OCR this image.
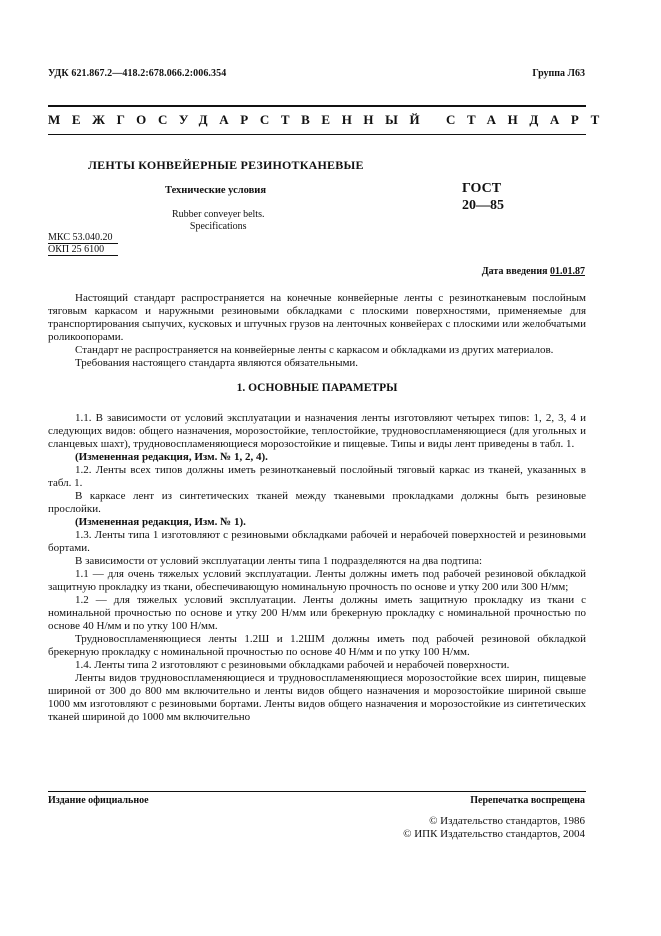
УДК 621.867.2—418.2:678.066.2:006.354	Группа Л63
МЕЖГОСУДАРСТВЕННЫЙ СТАНДАРТ
ЛЕНТЫ КОНВЕЙЕРНЫЕ РЕЗИНОТКАНЕВЫЕ
Технические условия
Rubber conveyer belts.
Specifications
ГОСТ
20—85
МКС 53.040.20
ОКП 25 6100
Дата введения 01.01.87

Настоящий стандарт распространяется на конечные конвейерные ленты с резинотканевым послойным тяговым каркасом и наружными резиновыми обкладками с плоскими поверхностями, применяемые для транспортирования сыпучих, кусковых и штучных грузов на ленточных конвейерах с плоскими или желобчатыми роликоопорами.

Стандарт не распространяется на конвейерные ленты с каркасом и обкладками из других материалов.

Требования настоящего стандарта являются обязательными.

1. ОСНОВНЫЕ ПАРАМЕТРЫ

1.1. В зависимости от условий эксплуатации и назначения ленты изготовляют четырех типов: 1, 2, 3, 4 и следующих видов: общего назначения, морозостойкие, теплостойкие, трудновоспламеняющиеся (для угольных и сланцевых шахт), трудновоспламеняющиеся морозостойкие и пищевые. Типы и виды лент приведены в табл. 1.

(Измененная редакция, Изм. № 1, 2, 4).

1.2. Ленты всех типов должны иметь резинотканевый послойный тяговый каркас из тканей, указанных в табл. 1.

В каркасе лент из синтетических тканей между тканевыми прокладками должны быть резиновые прослойки.

(Измененная редакция, Изм. № 1).

1.3. Ленты типа 1 изготовляют с резиновыми обкладками рабочей и нерабочей поверхностей и резиновыми бортами.

В зависимости от условий эксплуатации ленты типа 1 подразделяются на два подтипа:

1.1 — для очень тяжелых условий эксплуатации. Ленты должны иметь под рабочей резиновой обкладкой защитную прокладку из ткани, обеспечивающую номинальную прочность по основе и утку 200 или 300 Н/мм;

1.2 — для тяжелых условий эксплуатации. Ленты должны иметь защитную прокладку из ткани с номинальной прочностью по основе и утку 200 Н/мм или брекерную прокладку с номинальной прочностью по основе 40 Н/мм и по утку 100 Н/мм.

Трудновоспламеняющиеся ленты 1.2Ш и 1.2ШМ должны иметь под рабочей резиновой обкладкой брекерную прокладку с номинальной прочностью по основе 40 Н/мм и по утку 100 Н/мм.

1.4. Ленты типа 2 изготовляют с резиновыми обкладками рабочей и нерабочей поверхности.

Ленты видов трудновоспламеняющиеся и трудновоспламеняющиеся морозостойкие всех ширин, пищевые шириной от 300 до 800 мм включительно и ленты видов общего назначения и морозостойкие шириной свыше 1000 мм изготовляют с резиновыми бортами. Ленты видов общего назначения и морозостойкие из синтетических тканей шириной до 1000 мм включительно

Издание официальное	Перепечатка воспрещена
© Издательство стандартов, 1986
© ИПК Издательство стандартов, 2004
